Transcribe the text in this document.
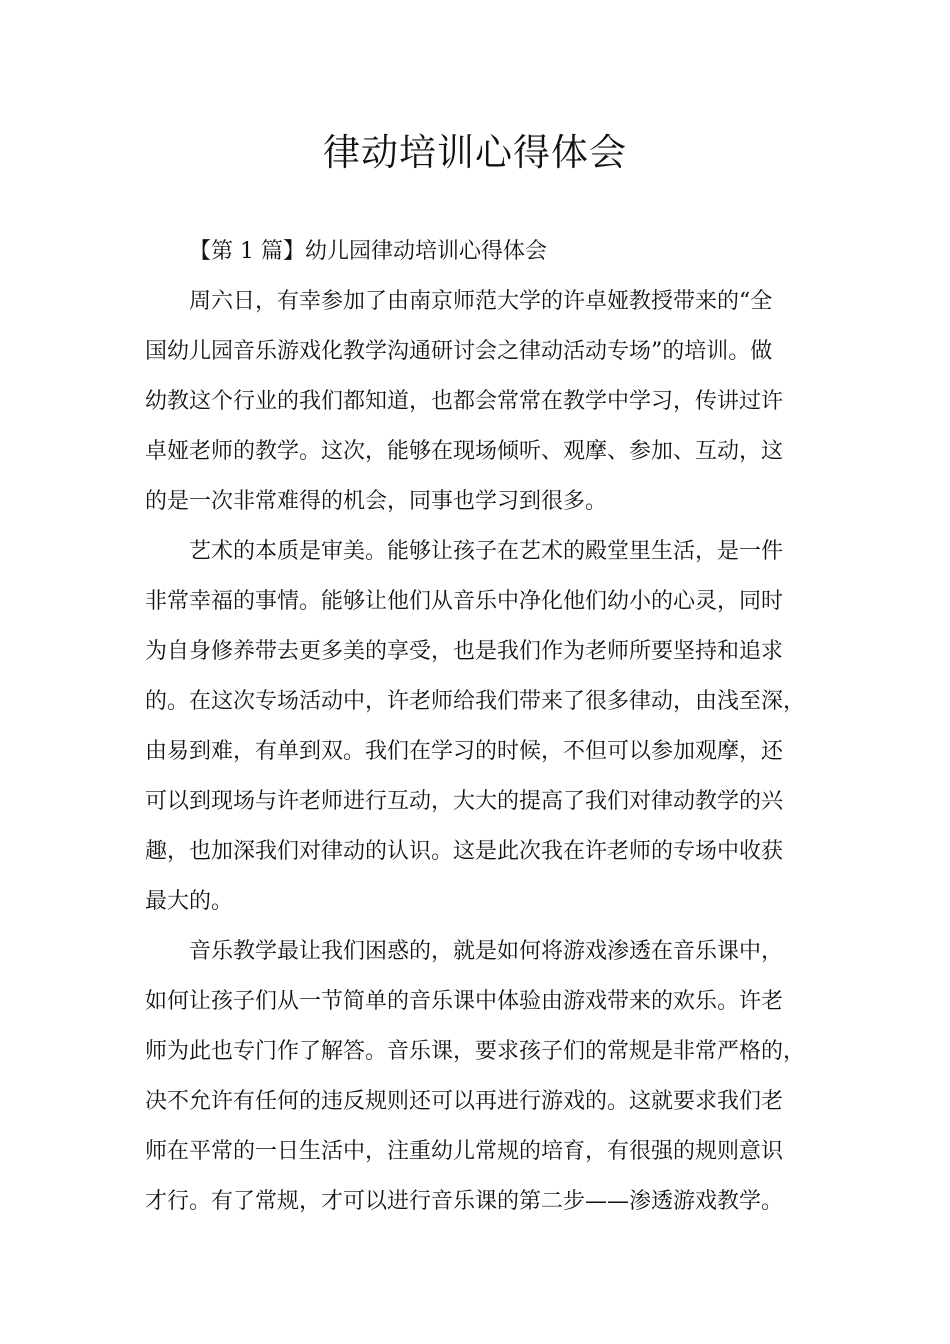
律动培训心得体会

【第 1 篇】幼儿园律动培训心得体会

周六日，有幸参加了由南京师范大学的许卓娅教授带来的“全
国幼儿园音乐游戏化教学沟通研讨会之律动活动专场”的培训。做
幼教这个行业的我们都知道，也都会常常在教学中学习，传讲过许
卓娅老师的教学。这次，能够在现场倾听、观摩、参加、互动，这
的是一次非常难得的机会，同事也学习到很多。

艺术的本质是审美。能够让孩子在艺术的殿堂里生活，是一件
非常幸福的事情。能够让他们从音乐中净化他们幼小的心灵，同时
为自身修养带去更多美的享受，也是我们作为老师所要坚持和追求
的。在这次专场活动中，许老师给我们带来了很多律动，由浅至深，
由易到难，有单到双。我们在学习的时候，不但可以参加观摩，还
可以到现场与许老师进行互动，大大的提高了我们对律动教学的兴
趣，也加深我们对律动的认识。这是此次我在许老师的专场中收获
最大的。

音乐教学最让我们困惑的，就是如何将游戏渗透在音乐课中，
如何让孩子们从一节简单的音乐课中体验由游戏带来的欢乐。许老
师为此也专门作了解答。音乐课，要求孩子们的常规是非常严格的，
决不允许有任何的违反规则还可以再进行游戏的。这就要求我们老
师在平常的一日生活中，注重幼儿常规的培育，有很强的规则意识
才行。有了常规，才可以进行音乐课的第二步——渗透游戏教学。
